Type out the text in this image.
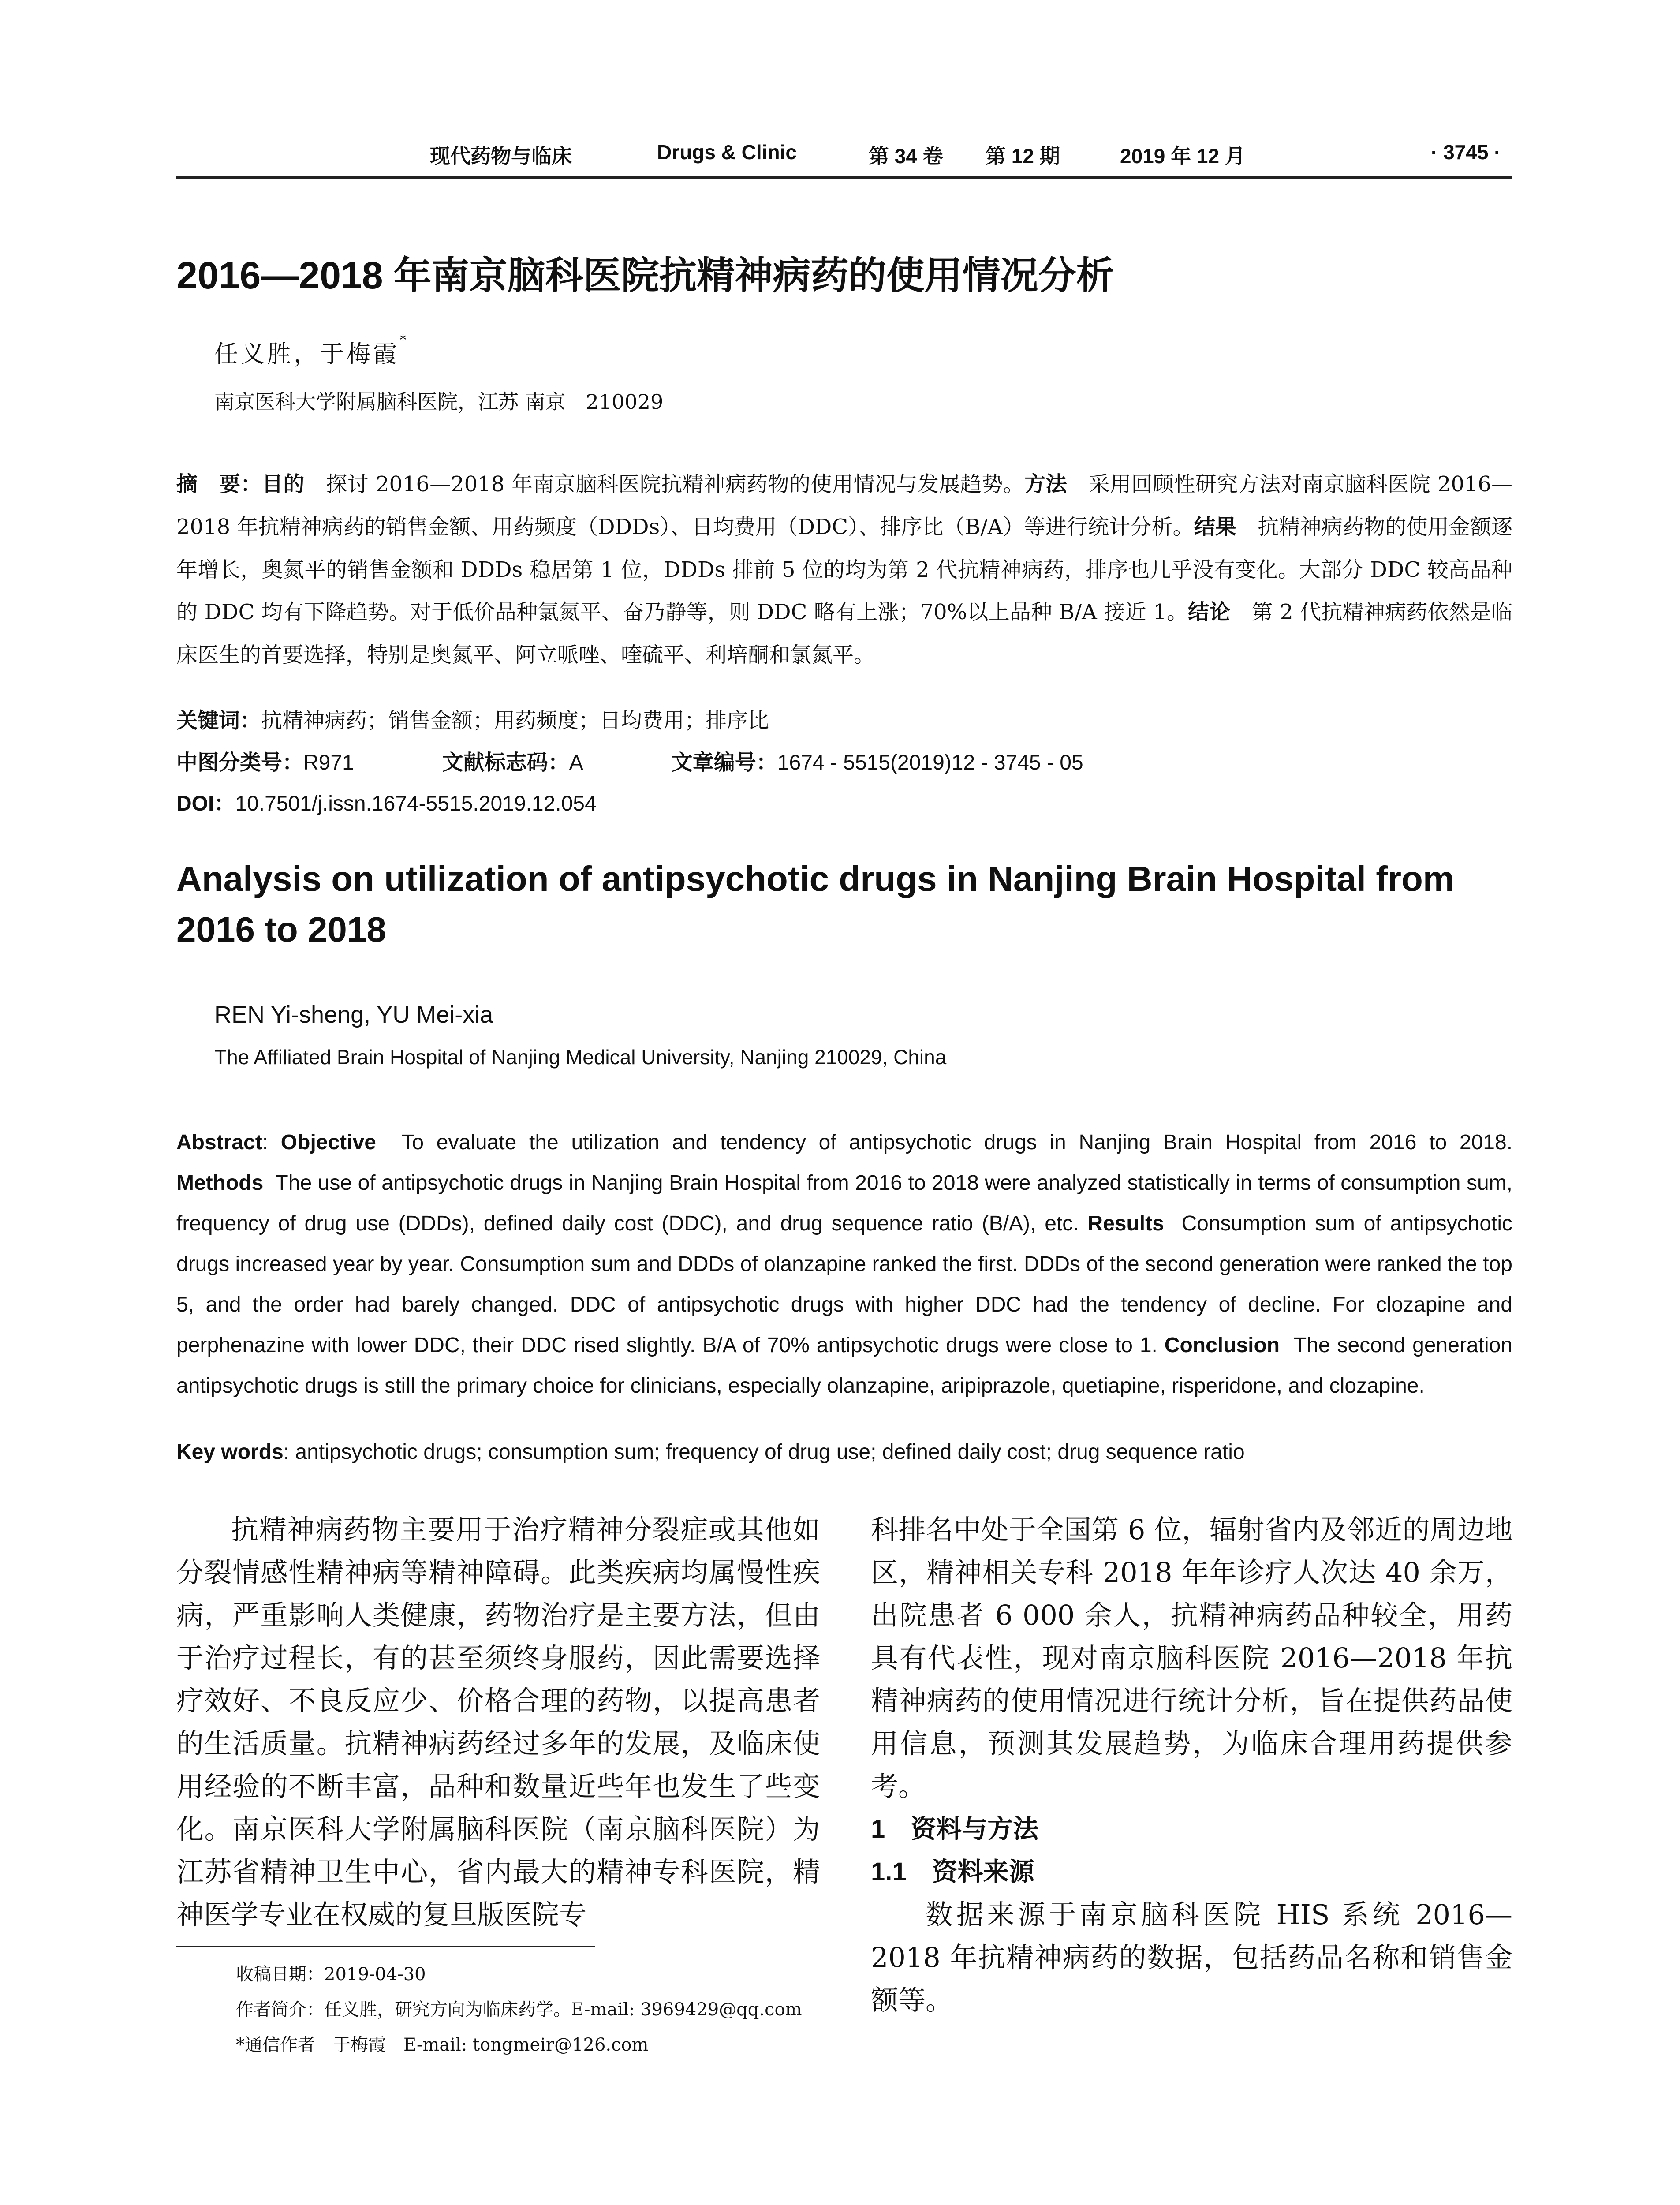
现代药物与临床	Drugs & Clinic	第 34 卷 第 12 期	2019 年 12 月	· 3745 ·
2016—2018 年南京脑科医院抗精神病药的使用情况分析
任义胜，于梅霞*
南京医科大学附属脑科医院，江苏 南京　210029
摘　要：目的　探讨 2016—2018 年南京脑科医院抗精神病药物的使用情况与发展趋势。方法　采用回顾性研究方法对南京脑科医院 2016—2018 年抗精神病药的销售金额、用药频度（DDDs）、日均费用（DDC）、排序比（B/A）等进行统计分析。结果　抗精神病药物的使用金额逐年增长，奥氮平的销售金额和 DDDs 稳居第 1 位，DDDs 排前 5 位的均为第 2 代抗精神病药，排序也几乎没有变化。大部分 DDC 较高品种的 DDC 均有下降趋势。对于低价品种氯氮平、奋乃静等，则 DDC 略有上涨；70%以上品种 B/A 接近 1。结论　第 2 代抗精神病药依然是临床医生的首要选择，特别是奥氮平、阿立哌唑、喹硫平、利培酮和氯氮平。
关键词：抗精神病药；销售金额；用药频度；日均费用；排序比
中图分类号：R971	文献标志码：A	文章编号：1674 - 5515(2019)12 - 3745 - 05
DOI：10.7501/j.issn.1674-5515.2019.12.054
Analysis on utilization of antipsychotic drugs in Nanjing Brain Hospital from 2016 to 2018
REN Yi-sheng, YU Mei-xia
The Affiliated Brain Hospital of Nanjing Medical University, Nanjing 210029, China
Abstract: Objective To evaluate the utilization and tendency of antipsychotic drugs in Nanjing Brain Hospital from 2016 to 2018. Methods The use of antipsychotic drugs in Nanjing Brain Hospital from 2016 to 2018 were analyzed statistically in terms of consumption sum, frequency of drug use (DDDs), defined daily cost (DDC), and drug sequence ratio (B/A), etc. Results Consumption sum of antipsychotic drugs increased year by year. Consumption sum and DDDs of olanzapine ranked the first. DDDs of the second generation were ranked the top 5, and the order had barely changed. DDC of antipsychotic drugs with higher DDC had the tendency of decline. For clozapine and perphenazine with lower DDC, their DDC rised slightly. B/A of 70% antipsychotic drugs were close to 1. Conclusion The second generation antipsychotic drugs is still the primary choice for clinicians, especially olanzapine, aripiprazole, quetiapine, risperidone, and clozapine.
Key words: antipsychotic drugs; consumption sum; frequency of drug use; defined daily cost; drug sequence ratio
抗精神病药物主要用于治疗精神分裂症或其他如分裂情感性精神病等精神障碍。此类疾病均属慢性疾病，严重影响人类健康，药物治疗是主要方法，但由于治疗过程长，有的甚至须终身服药，因此需要选择疗效好、不良反应少、价格合理的药物，以提高患者的生活质量。抗精神病药经过多年的发展，及临床使用经验的不断丰富，品种和数量近些年也发生了些变化。南京医科大学附属脑科医院（南京脑科医院）为江苏省精神卫生中心，省内最大的精神专科医院，精神医学专业在权威的复旦版医院专
科排名中处于全国第 6 位，辐射省内及邻近的周边地区，精神相关专科 2018 年年诊疗人次达 40 余万，出院患者 6 000 余人，抗精神病药品种较全，用药具有代表性，现对南京脑科医院 2016—2018 年抗精神病药的使用情况进行统计分析，旨在提供药品使用信息，预测其发展趋势，为临床合理用药提供参考。
1　资料与方法
1.1　资料来源
数据来源于南京脑科医院 HIS 系统 2016—2018 年抗精神病药的数据，包括药品名称和销售金额等。
收稿日期：2019-04-30
作者简介：任义胜，研究方向为临床药学。E-mail: 3969429@qq.com
*通信作者　于梅霞　E-mail: tongmeir@126.com
